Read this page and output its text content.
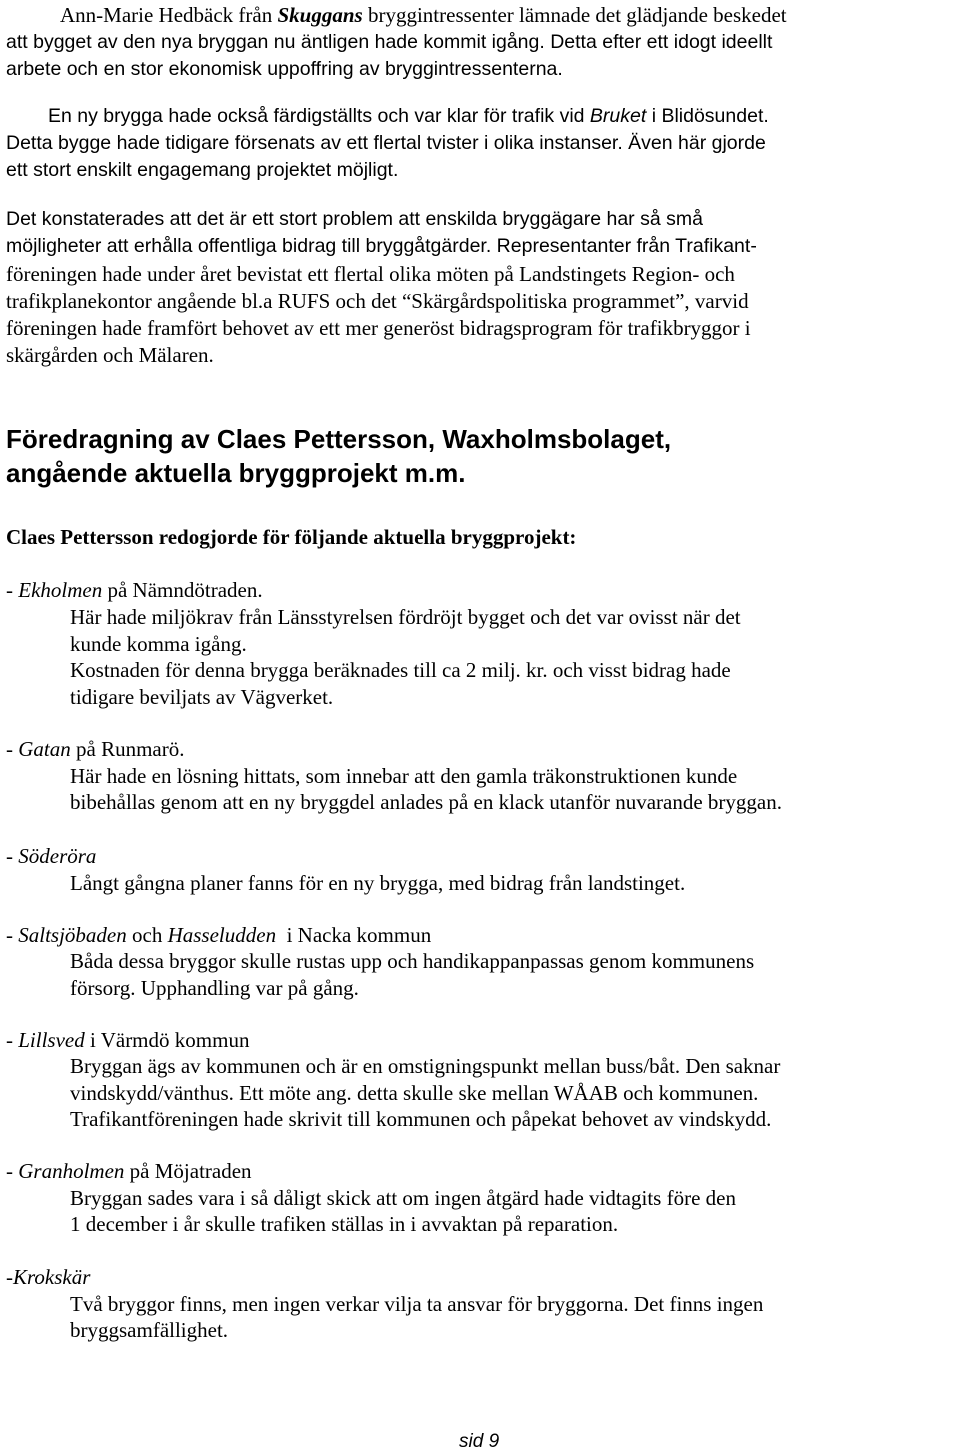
Ann-Marie Hedbäck från Skuggans bryggintressenter lämnade det glädjande beskedet
att bygget av den nya bryggan nu äntligen hade kommit igång. Detta efter ett idogt ideellt
arbete och en stor ekonomisk uppoffring av bryggintressenterna.
En ny brygga hade också färdigställts och var klar för trafik vid Bruket i Blidösundet.
Detta bygge hade tidigare försenats av ett flertal tvister i olika instanser. Även här gjorde
ett stort enskilt engagemang projektet möjligt.
Det konstaterades att det är ett stort problem att enskilda bryggägare har så små
möjligheter att erhålla offentliga bidrag till bryggåtgärder. Representanter från Trafikant-
föreningen hade under året bevistat ett flertal olika möten på Landstingets Region- och
trafikplanekontor angående bl.a RUFS och det “Skärgårdspolitiska programmet”, varvid
föreningen hade framfört behovet av ett mer generöst bidragsprogram för trafikbryggor i
skärgården och Mälaren.
Föredragning av Claes Pettersson, Waxholmsbolaget,
angående aktuella bryggprojekt m.m.
Claes Pettersson redogjorde för följande aktuella bryggprojekt:
- Ekholmen på Nämndötraden.
Här hade miljökrav från Länsstyrelsen fördröjt bygget och det var ovisst när det
kunde komma igång.
Kostnaden för denna brygga beräknades till ca 2 milj. kr. och visst bidrag hade
tidigare beviljats av Vägverket.
- Gatan på Runmarö.
Här hade en lösning hittats, som innebar att den gamla träkonstruktionen kunde
bibehållas genom att en ny bryggdel anlades på en klack utanför nuvarande bryggan.
- Söderöra
Långt gångna planer fanns för en ny brygga, med bidrag från landstinget.
- Saltsjöbaden och Hasseludden  i Nacka kommun
Båda dessa bryggor skulle rustas upp och handikappanpassas genom kommunens
försorg. Upphandling var på gång.
- Lillsved i Värmdö kommun
Bryggan ägs av kommunen och är en omstigningspunkt mellan buss/båt. Den saknar
vindskydd/vänthus. Ett möte ang. detta skulle ske mellan WÅAB och kommunen.
Trafikantföreningen hade skrivit till kommunen och påpekat behovet av vindskydd.
- Granholmen på Möjatraden
Bryggan sades vara i så dåligt skick att om ingen åtgärd hade vidtagits före den
1 december i år skulle trafiken ställas in i avvaktan på reparation.
-Krokskär
Två bryggor finns, men ingen verkar vilja ta ansvar för bryggorna. Det finns ingen
bryggsamfällighet.
sid 9
